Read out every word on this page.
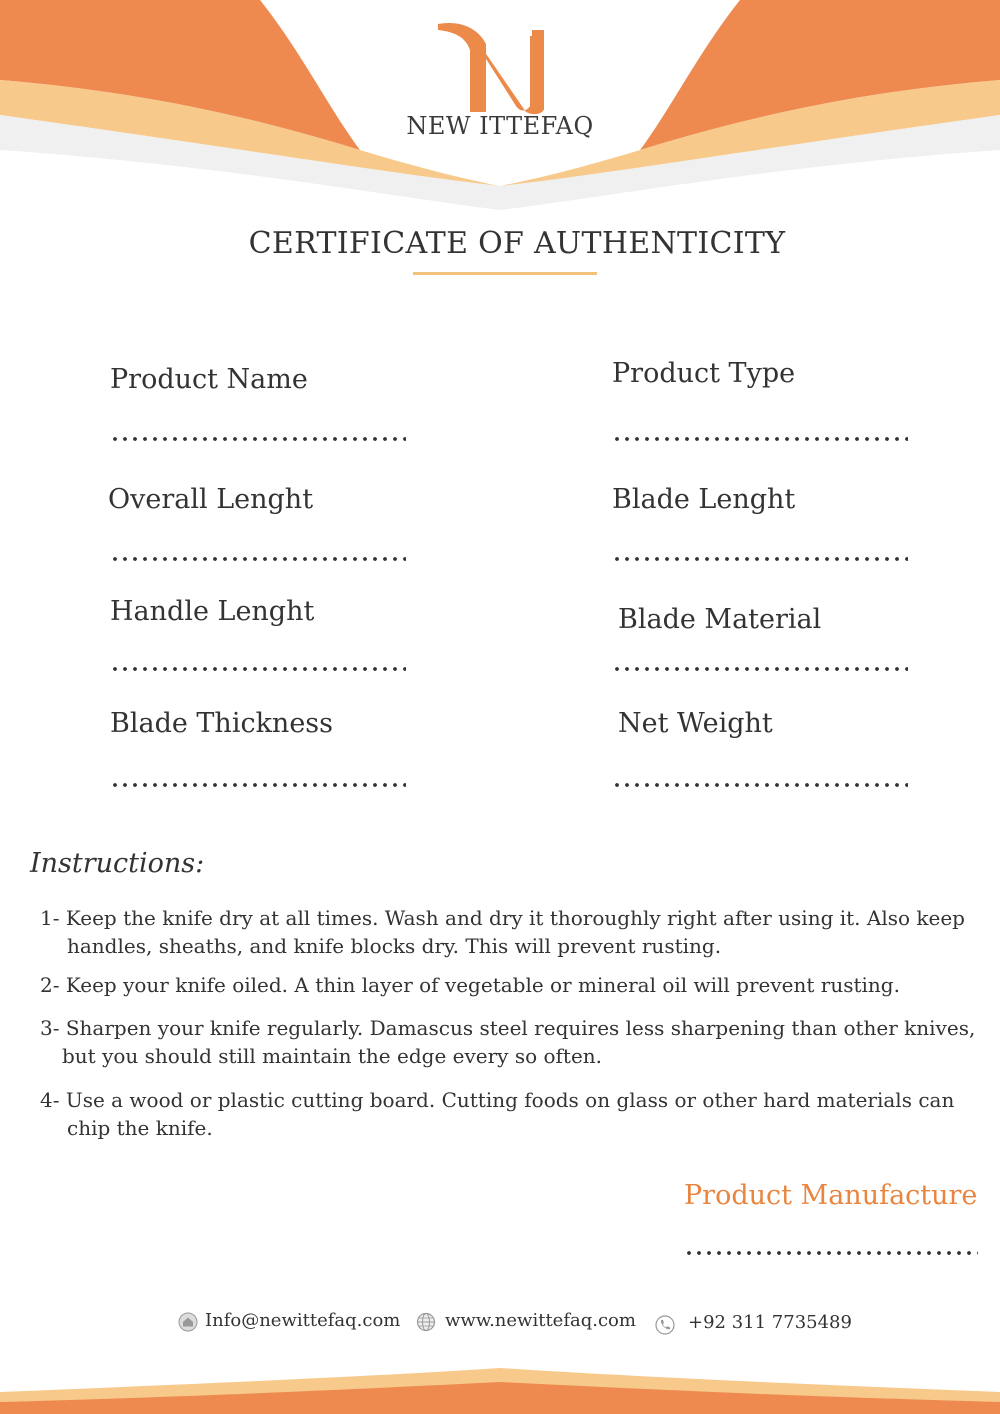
NEW ITTEFAQ
CERTIFICATE OF AUTHENTICITY
Product Name
Overall Lenght
Handle Lenght
Blade Thickness
Product Type
Blade Lenght
Blade Material
Net Weight
Instructions:
1- Keep the knife dry at all times. Wash and dry it thoroughly right after using it. Also keep
handles, sheaths, and knife blocks dry. This will prevent rusting.
2- Keep your knife oiled. A thin layer of vegetable or mineral oil will prevent rusting.
3- Sharpen your knife regularly. Damascus steel requires less sharpening than other knives,
but you should still maintain the edge every so often.
4- Use a wood or plastic cutting board. Cutting foods on glass or other hard materials can
chip the knife.
Product Manufacture
Info@newittefaq.com www.newittefaq.com	+92 311 7735489
